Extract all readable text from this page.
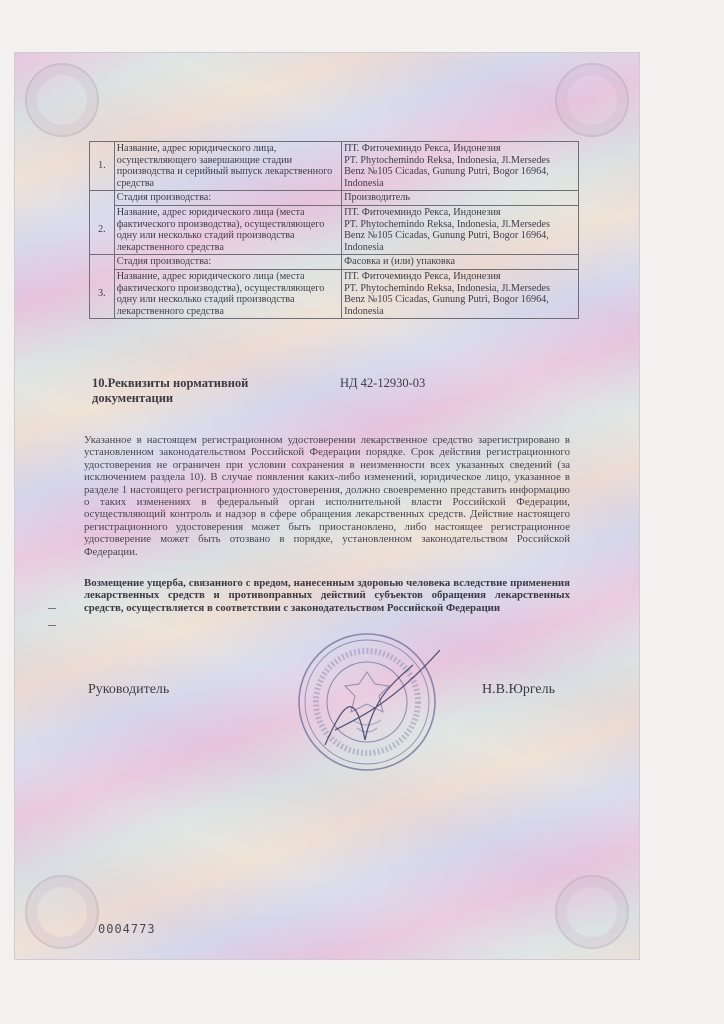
1.	Название, адрес юридического лица, осуществляющего завершающие стадии производства и серийный выпуск лекарственного средства	ПТ. Фиточеминдо Рекса, Индонезия
PT. Phytochemindo Reksa, Indonesia, Jl.Mersedes
Benz №105 Cicadas, Gunung Putri, Bogor 16964,
Indonesia

	Стадия производства:	Производитель

2.	Название, адрес юридического лица (места фактического производства), осуществляющего одну или несколько стадий производства лекарственного средства	ПТ. Фиточеминдо Рекса, Индонезия
PT. Phytochemindo Reksa, Indonesia, Jl.Mersedes
Benz №105 Cicadas, Gunung Putri, Bogor 16964,
Indonesia

	Стадия производства:	Фасовка и (или) упаковка

3.	Название, адрес юридического лица (места фактического производства), осуществляющего одну или несколько стадий производства лекарственного средства	ПТ. Фиточеминдо Рекса, Индонезия
PT. Phytochemindo Reksa, Indonesia, Jl.Mersedes
Benz №105 Cicadas, Gunung Putri, Bogor 16964,
Indonesia
10.Реквизиты нормативной документации
НД 42-12930-03
Указанное в настоящем регистрационном удостоверении лекарственное средство зарегистрировано в установленном законодательством Российской Федерации порядке. Срок действия регистрационного удостоверения не ограничен при условии сохранения в неизменности всех указанных сведений (за исключением раздела 10). В случае появления каких-либо изменений, юридическое лицо, указанное в разделе 1 настоящего регистрационного удостоверения, должно своевременно представить информацию о таких изменениях в федеральный орган исполнительной власти Российской Федерации, осуществляющий контроль и надзор в сфере обращения лекарственных средств. Действие настоящего регистрационного удостоверения может быть приостановлено, либо настоящее регистрационное удостоверение может быть отозвано в порядке, установленном законодательством Российской Федерации.
Возмещение ущерба, связанного с вредом, нанесенным здоровью человека вследствие применения лекарственных средств и противоправных действий субъектов обращения лекарственных средств, осуществляется в соответствии с законодательством Российской Федерации
Руководитель	Н.В.Юргель
0004773
